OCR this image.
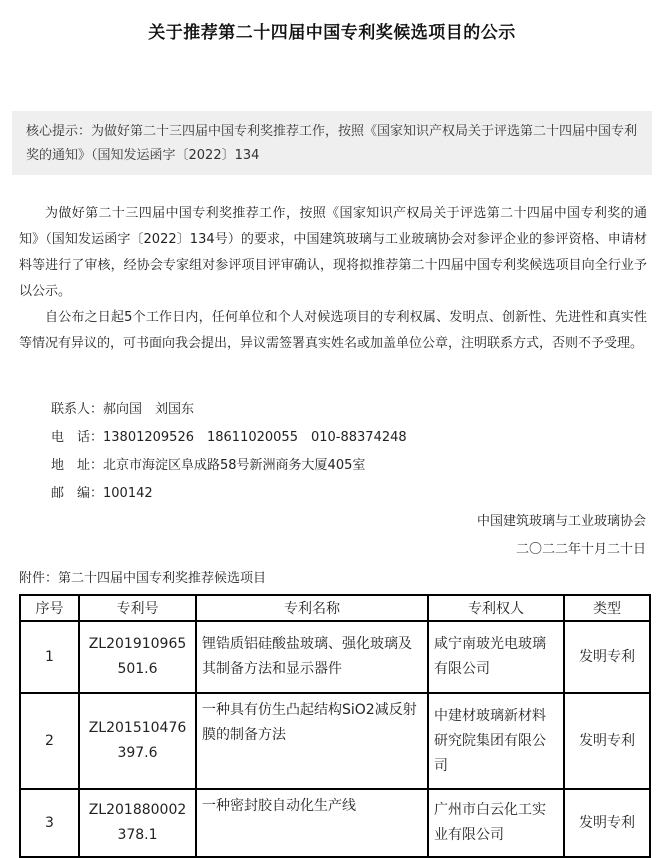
关于推荐第二十四届中国专利奖候选项目的公示
核心提示：为做好第二十三四届中国专利奖推荐工作，按照《国家知识产权局关于评选第二十四届中国专利奖的通知》（国知发运函字〔2022〕134

为做好第二十三四届中国专利奖推荐工作，按照《国家知识产权局关于评选第二十四届中国专利奖的通知》（国知发运函字〔2022〕134号）的要求，中国建筑玻璃与工业玻璃协会对参评企业的参评资格、申请材料等进行了审核，经协会专家组对参评项目评审确认，现将拟推荐第二十四届中国专利奖候选项目向全行业予以公示。

自公布之日起5个工作日内，任何单位和个人对候选项目的专利权属、发明点、创新性、先进性和真实性等情况有异议的，可书面向我会提出，异议需签署真实姓名或加盖单位公章，注明联系方式，否则不予受理。

联系人：郝向国　刘国东
电　话：13801209526　18611020055　010-88374248
地　址：北京市海淀区阜成路58号新洲商务大厦405室
邮　编：100142
中国建筑玻璃与工业玻璃协会
二〇二二年十月二十日
附件：第二十四届中国专利奖推荐候选项目
序号	专利号	专利名称	专利权人	类型
1	ZL201910965501.6	锂锆质铝硅酸盐玻璃、强化玻璃及其制备方法和显示器件	咸宁南玻光电玻璃有限公司	发明专利
2	ZL201510476397.6	一种具有仿生凸起结构SiO2减反射膜的制备方法	中建材玻璃新材料研究院集团有限公司	发明专利
3	ZL201880002378.1	一种密封胶自动化生产线	广州市白云化工实业有限公司	发明专利
